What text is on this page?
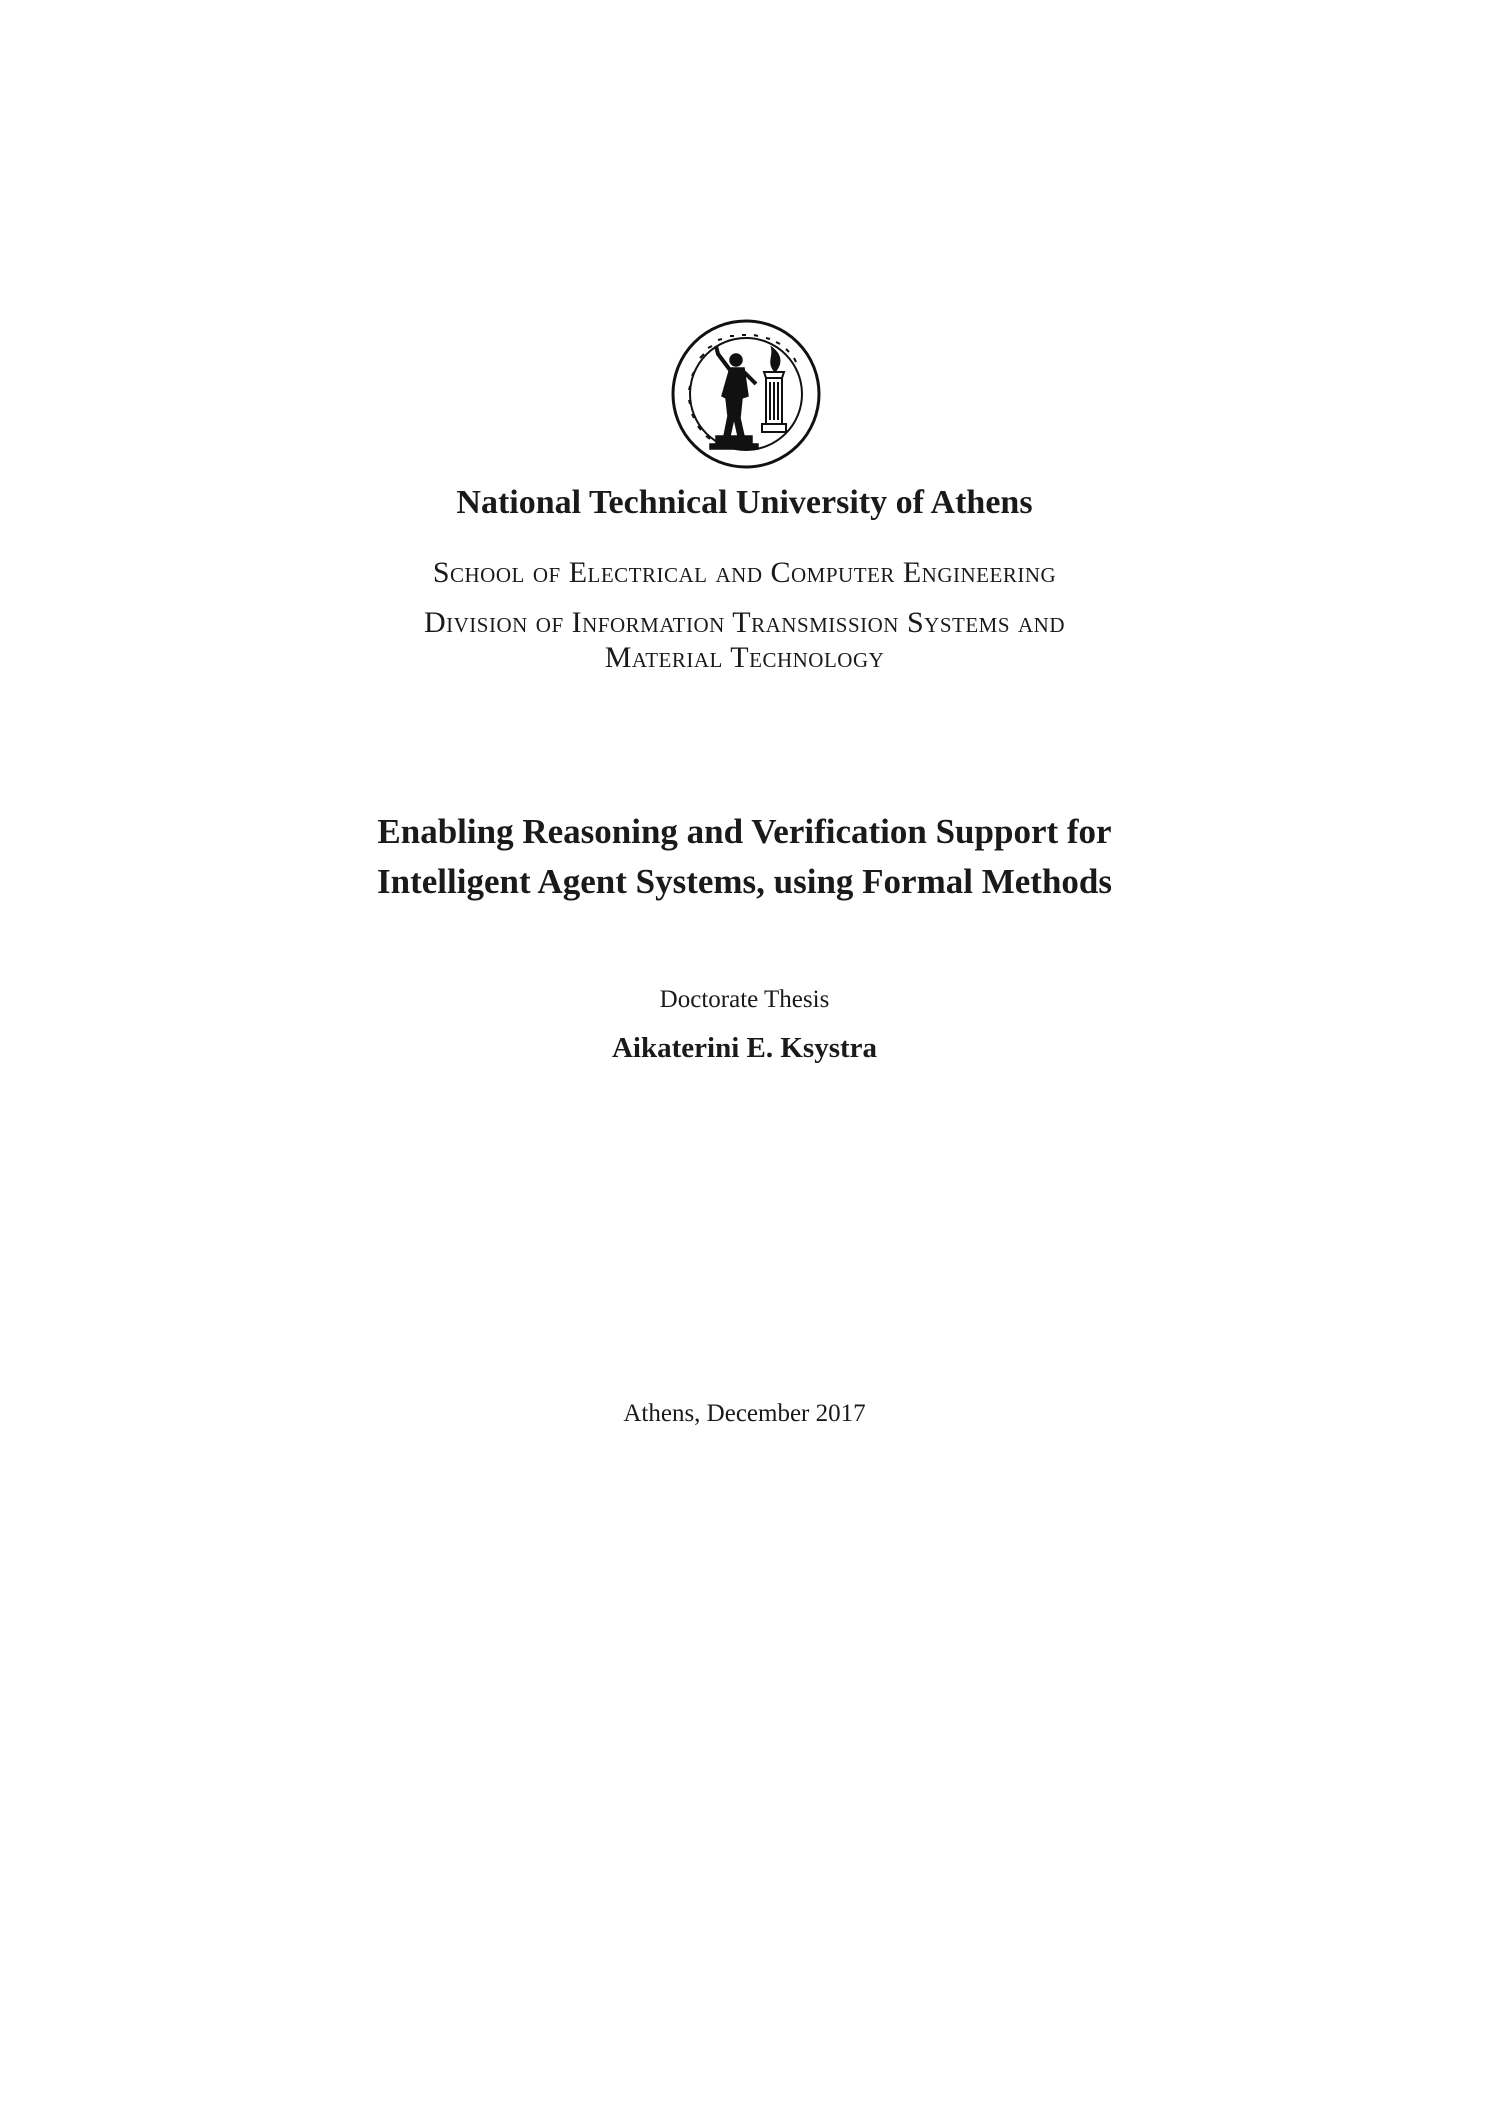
National Technical University of Athens
School of Electrical and Computer Engineering
Division of Information Transmission Systems and
Material Technology
Enabling Reasoning and Verification Support for
Intelligent Agent Systems, using Formal Methods
Doctorate Thesis
Aikaterini E. Ksystra
Athens, December 2017
